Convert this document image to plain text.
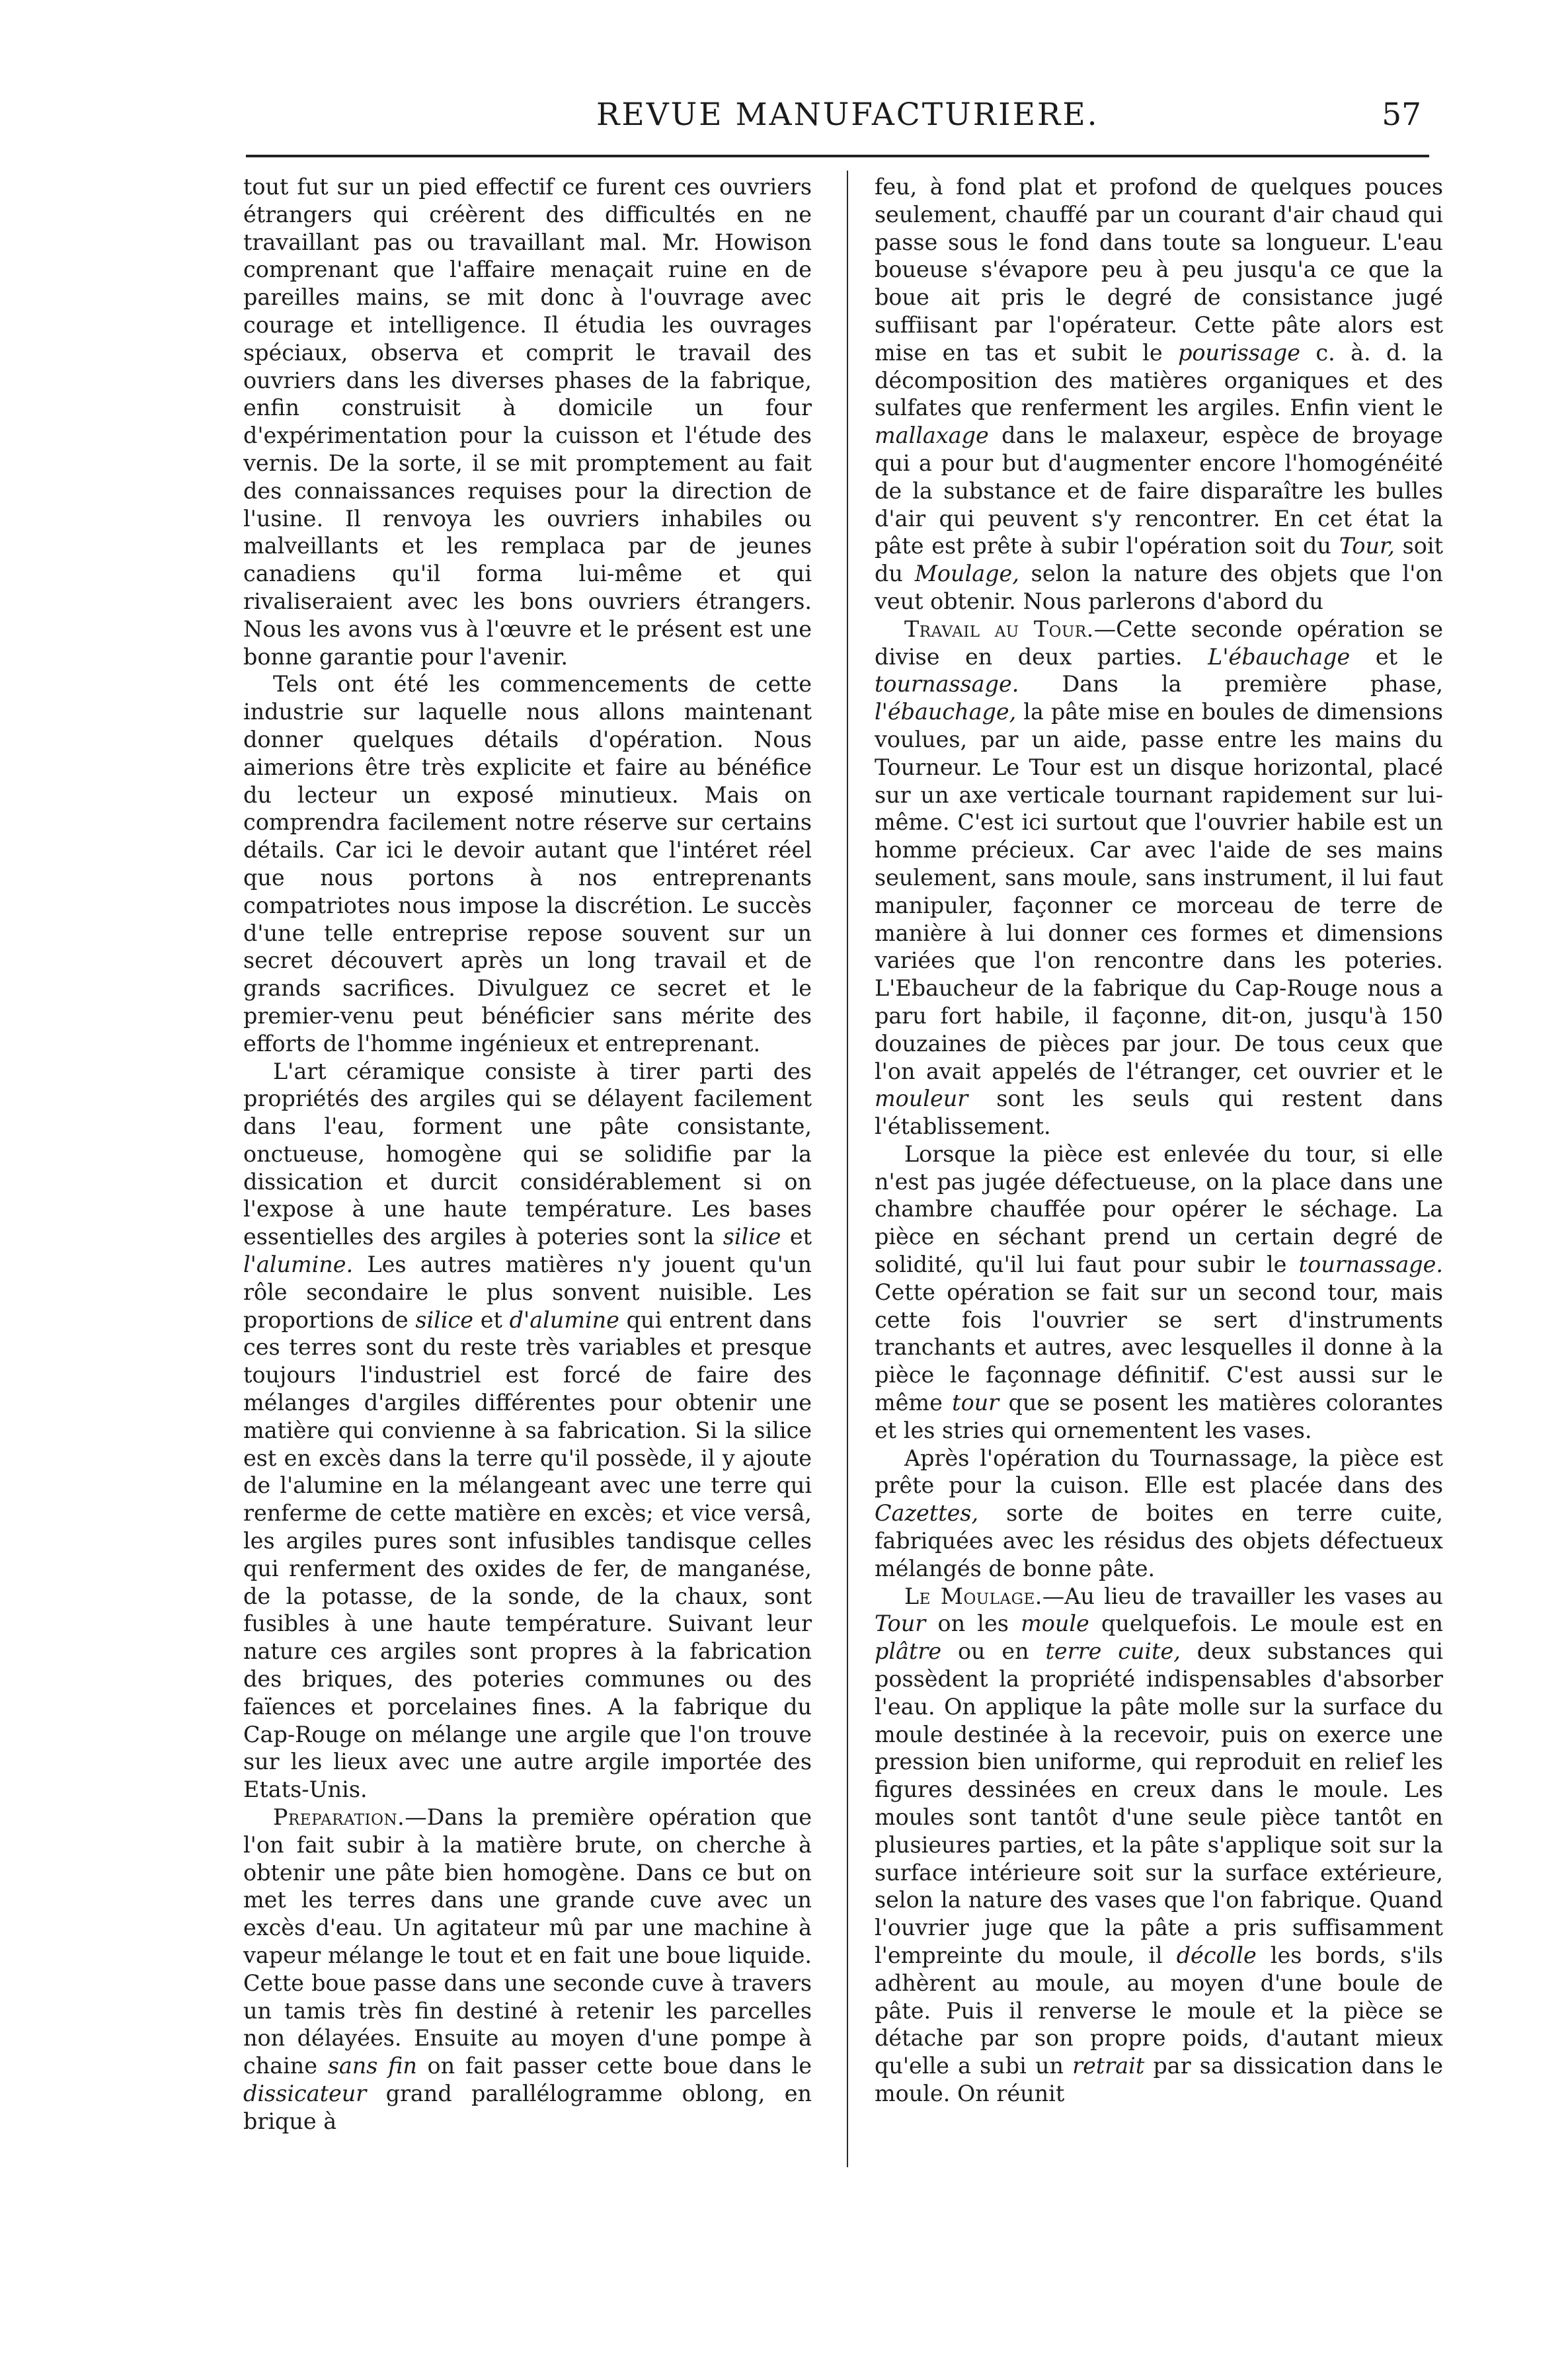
REVUE MANUFACTURIERE.	57

tout fut sur un pied effectif ce furent ces ouvriers étrangers qui créèrent des difficultés en ne travaillant pas ou travaillant mal. Mr. Howison comprenant que l'affaire menaçait ruine en de pareilles mains, se mit donc à l'ouvrage avec courage et intelligence. Il étudia les ouvrages spéciaux, observa et comprit le travail des ouvriers dans les diverses phases de la fabrique, enfin construisit à domicile un four d'expérimentation pour la cuisson et l'étude des vernis. De la sorte, il se mit promptement au fait des connaissances requises pour la direction de l'usine. Il renvoya les ouvriers inhabiles ou malveillants et les remplaca par de jeunes canadiens qu'il forma lui-même et qui rivaliseraient avec les bons ouvriers étrangers. Nous les avons vus à l'œuvre et le présent est une bonne garantie pour l'avenir.

Tels ont été les commencements de cette industrie sur laquelle nous allons maintenant donner quelques détails d'opération. Nous aimerions être très explicite et faire au bénéfice du lecteur un exposé minutieux. Mais on comprendra facilement notre réserve sur certains détails. Car ici le devoir autant que l'intéret réel que nous portons à nos entreprenants compatriotes nous impose la discrétion. Le succès d'une telle entreprise repose souvent sur un secret découvert après un long travail et de grands sacrifices. Divulguez ce secret et le premier-venu peut bénéficier sans mérite des efforts de l'homme ingénieux et entreprenant.

L'art céramique consiste à tirer parti des propriétés des argiles qui se délayent facilement dans l'eau, forment une pâte consistante, onctueuse, homogène qui se solidifie par la dissication et durcit considérablement si on l'expose à une haute température. Les bases essentielles des argiles à poteries sont la silice et l'alumine. Les autres matières n'y jouent qu'un rôle secondaire le plus sonvent nuisible. Les proportions de silice et d'alumine qui entrent dans ces terres sont du reste très variables et presque toujours l'industriel est forcé de faire des mélanges d'argiles différentes pour obtenir une matière qui convienne à sa fabrication. Si la silice est en excès dans la terre qu'il possède, il y ajoute de l'alumine en la mélangeant avec une terre qui renferme de cette matière en excès; et vice versâ, les argiles pures sont infusibles tandisque celles qui renferment des oxides de fer, de manganése, de la potasse, de la sonde, de la chaux, sont fusibles à une haute température. Suivant leur nature ces argiles sont propres à la fabrication des briques, des poteries communes ou des faïences et porcelaines fines. A la fabrique du Cap-Rouge on mélange une argile que l'on trouve sur les lieux avec une autre argile importée des Etats-Unis.

Preparation.—Dans la première opération que l'on fait subir à la matière brute, on cherche à obtenir une pâte bien homogène. Dans ce but on met les terres dans une grande cuve avec un excès d'eau. Un agitateur mû par une machine à vapeur mélange le tout et en fait une boue liquide. Cette boue passe dans une seconde cuve à travers un tamis très fin destiné à retenir les parcelles non délayées. Ensuite au moyen d'une pompe à chaine sans fin on fait passer cette boue dans le dissicateur grand parallélogramme oblong, en brique à

feu, à fond plat et profond de quelques pouces seulement, chauffé par un courant d'air chaud qui passe sous le fond dans toute sa longueur. L'eau boueuse s'évapore peu à peu jusqu'a ce que la boue ait pris le degré de consistance jugé suffiisant par l'opérateur. Cette pâte alors est mise en tas et subit le pourissage c. à. d. la décomposition des matières organiques et des sulfates que renferment les argiles. Enfin vient le mallaxage dans le malaxeur, espèce de broyage qui a pour but d'augmenter encore l'homogénéité de la substance et de faire disparaître les bulles d'air qui peuvent s'y rencontrer. En cet état la pâte est prête à subir l'opération soit du Tour, soit du Moulage, selon la nature des objets que l'on veut obtenir. Nous parlerons d'abord du

Travail au Tour.—Cette seconde opération se divise en deux parties. L'ébauchage et le tournassage. Dans la première phase, l'ébauchage, la pâte mise en boules de dimensions voulues, par un aide, passe entre les mains du Tourneur. Le Tour est un disque horizontal, placé sur un axe verticale tournant rapidement sur lui-même. C'est ici surtout que l'ouvrier habile est un homme précieux. Car avec l'aide de ses mains seulement, sans moule, sans instrument, il lui faut manipuler, façonner ce morceau de terre de manière à lui donner ces formes et dimensions variées que l'on rencontre dans les poteries. L'Ebaucheur de la fabrique du Cap-Rouge nous a paru fort habile, il façonne, dit-on, jusqu'à 150 douzaines de pièces par jour. De tous ceux que l'on avait appelés de l'étranger, cet ouvrier et le mouleur sont les seuls qui restent dans l'établissement.

Lorsque la pièce est enlevée du tour, si elle n'est pas jugée défectueuse, on la place dans une chambre chauffée pour opérer le séchage. La pièce en séchant prend un certain degré de solidité, qu'il lui faut pour subir le tournassage. Cette opération se fait sur un second tour, mais cette fois l'ouvrier se sert d'instruments tranchants et autres, avec lesquelles il donne à la pièce le façonnage définitif. C'est aussi sur le même tour que se posent les matières colorantes et les stries qui ornementent les vases.

Après l'opération du Tournassage, la pièce est prête pour la cuison. Elle est placée dans des Cazettes, sorte de boites en terre cuite, fabriquées avec les résidus des objets défectueux mélangés de bonne pâte.

Le Moulage.—Au lieu de travailler les vases au Tour on les moule quelquefois. Le moule est en plâtre ou en terre cuite, deux substances qui possèdent la propriété indispensables d'absorber l'eau. On applique la pâte molle sur la surface du moule destinée à la recevoir, puis on exerce une pression bien uniforme, qui reproduit en relief les figures dessinées en creux dans le moule. Les moules sont tantôt d'une seule pièce tantôt en plusieures parties, et la pâte s'applique soit sur la surface intérieure soit sur la surface extérieure, selon la nature des vases que l'on fabrique. Quand l'ouvrier juge que la pâte a pris suffisamment l'empreinte du moule, il décolle les bords, s'ils adhèrent au moule, au moyen d'une boule de pâte. Puis il renverse le moule et la pièce se détache par son propre poids, d'autant mieux qu'elle a subi un retrait par sa dissication dans le moule. On réunit
